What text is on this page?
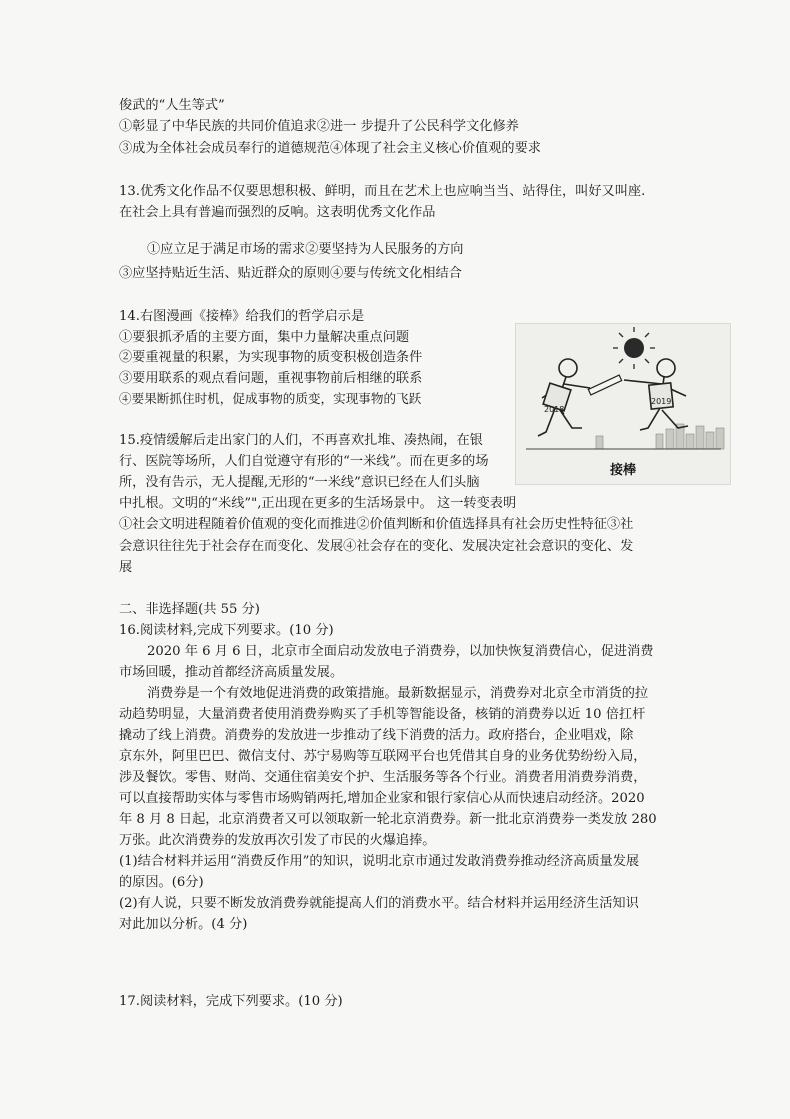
俊武的“人生等式”
①彰显了中华民族的共同价值追求②进一 步提升了公民科学文化修养
③成为全体社会成员奉行的道德规范④体现了社会主义核心价值观的要求
13.优秀文化作品不仅要思想积极、鲜明，而且在艺术上也应响当当、站得住，叫好又叫座.
在社会上具有普遍而强烈的反响。这表明优秀文化作品
①应立足于满足市场的需求②要坚持为人民服务的方向
③应坚持贴近生活、贴近群众的原则④要与传统文化相结合
14.右图漫画《接棒》给我们的哲学启示是
①要狠抓矛盾的主要方面，集中力量解决重点问题
②要重视量的积累，为实现事物的质变积极创造条件
③要用联系的观点看问题，重视事物前后相继的联系
④要果断抓住时机，促成事物的质变，实现事物的飞跃
2018
2019
接棒
15.疫情缓解后走出家门的人们，不再喜欢扎堆、凑热闹，在银
行、医院等场所，人们自觉遵守有形的“一米线”。而在更多的场
所，没有告示，无人提醒,无形的“一米线”意识已经在人们头脑
中扎根。文明的“米线”",正出现在更多的生活场景中。 这一转变表明
①社会文明进程随着价值观的变化而推进②价值判断和价值选择具有社会历史性特征③社
会意识往往先于社会存在而变化、发展④社会存在的变化、发展决定社会意识的变化、发
展
二、非选择题(共 55 分)
16.阅读材料,完成下列要求。(10 分)
2020 年 6 月 6 日，北京市全面启动发放电子消费券，以加快恢复消费信心，促进消费
市场回暖，推动首都经济高质量发展。
消费券是一个有效地促进消费的政策措施。最新数据显示，消费券对北京全市消货的拉
动趋势明显，大量消费者使用消费券购买了手机等智能设备，核销的消费券以近 10 倍扛杆
撬动了线上消费。消费券的发放进一步推动了线下消费的活力。政府搭台，企业唱戏，除
京东外，阿里巴巴、微信支付、苏宁易购等互联网平台也凭借其自身的业务优势纷纷入局，
涉及餐饮。零售、财尚、交通住宿美安个护、生活服务等各个行业。消费者用消费券消费，
可以直接帮助实体与零售市场购销两托,增加企业家和银行家信心从而快速启动经济。2020
年 8 月 8 日起，北京消费者又可以领取新一轮北京消费券。新一批北京消费券一类发放 280
万张。此次消费券的发放再次引发了市民的火爆追捧。
(1)结合材料并运用“消费反作用”的知识，说明北京市通过发敢消费券推动经济高质量发展
的原因。(6分)
(2)有人说，只要不断发放消费券就能提高人们的消费水平。结合材料并运用经济生活知识
对此加以分析。(4 分)
17.阅读材料，完成下列要求。(10 分)
